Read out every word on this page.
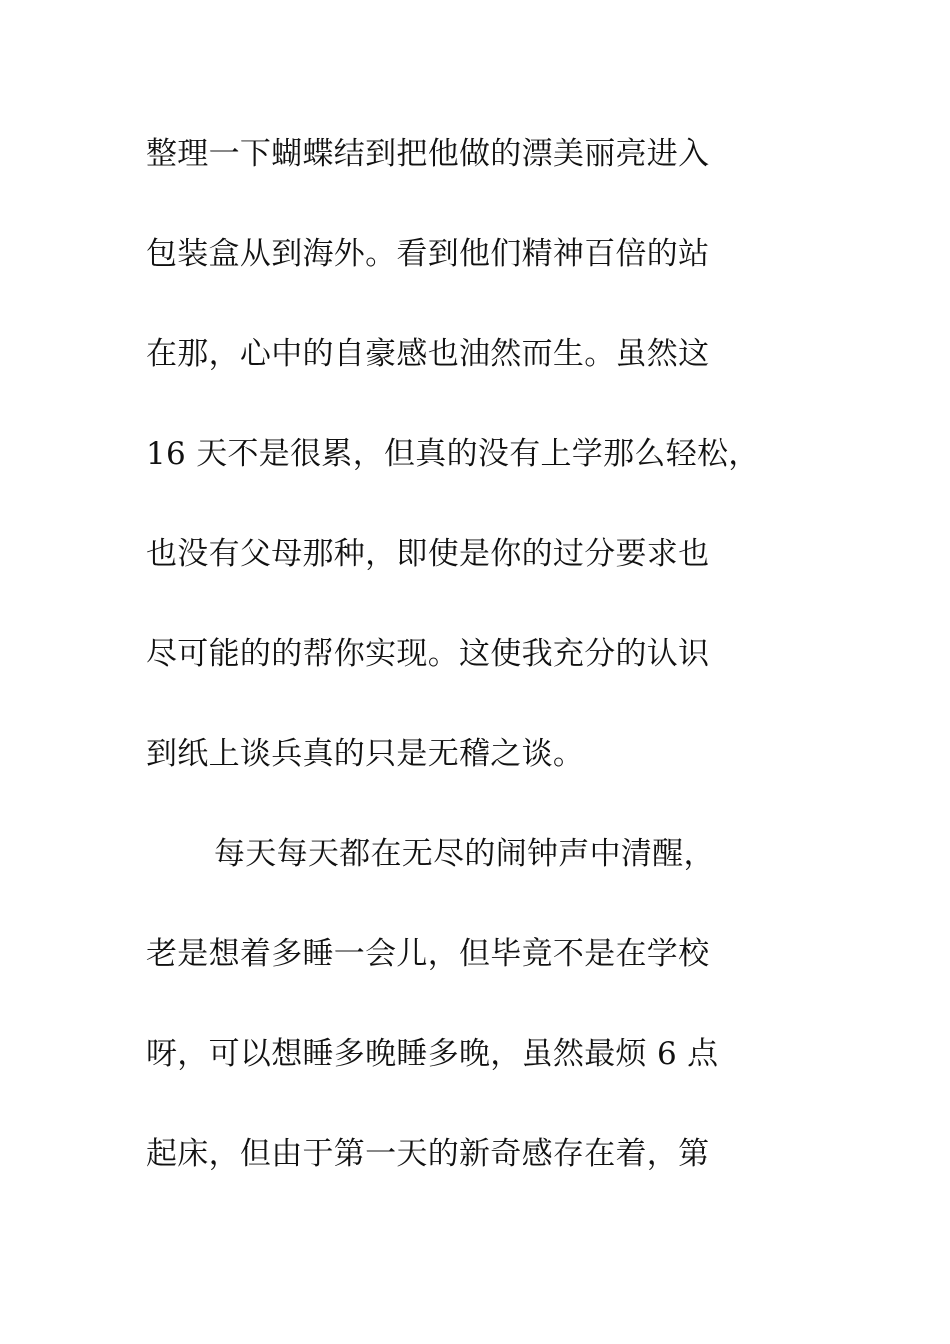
整理一下蝴蝶结到把他做的漂美丽亮进入
包装盒从到海外。看到他们精神百倍的站
在那，心中的自豪感也油然而生。虽然这
16 天不是很累，但真的没有上学那么轻松，
也没有父母那种，即使是你的过分要求也
尽可能的的帮你实现。这使我充分的认识
到纸上谈兵真的只是无稽之谈。
每天每天都在无尽的闹钟声中清醒，
老是想着多睡一会儿，但毕竟不是在学校
呀，可以想睡多晚睡多晚，虽然最烦 6 点
起床，但由于第一天的新奇感存在着，第
